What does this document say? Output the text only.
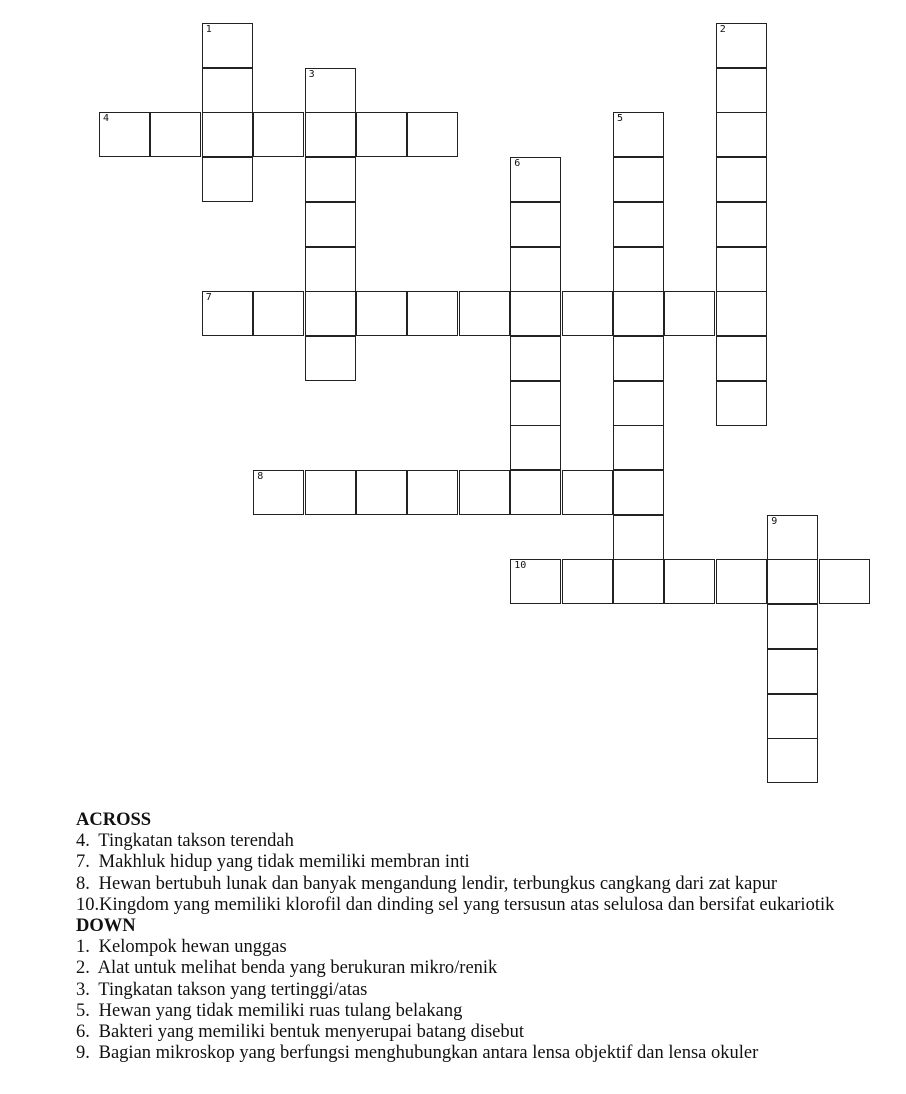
4
7
8
10
1	2
3
5
6
9
ACROSS
4. Tingkatan takson terendah
7. Makhluk hidup yang tidak memiliki membran inti
8. Hewan bertubuh lunak dan banyak mengandung lendir, terbungkus cangkang dari zat kapur
10.Kingdom yang memiliki klorofil dan dinding sel yang tersusun atas selulosa dan bersifat eukariotik
DOWN
1. Kelompok hewan unggas
2. Alat untuk melihat benda yang berukuran mikro/renik
3. Tingkatan takson yang tertinggi/atas
5. Hewan yang tidak memiliki ruas tulang belakang
6. Bakteri yang memiliki bentuk menyerupai batang disebut
9. Bagian mikroskop yang berfungsi menghubungkan antara lensa objektif dan lensa okuler
